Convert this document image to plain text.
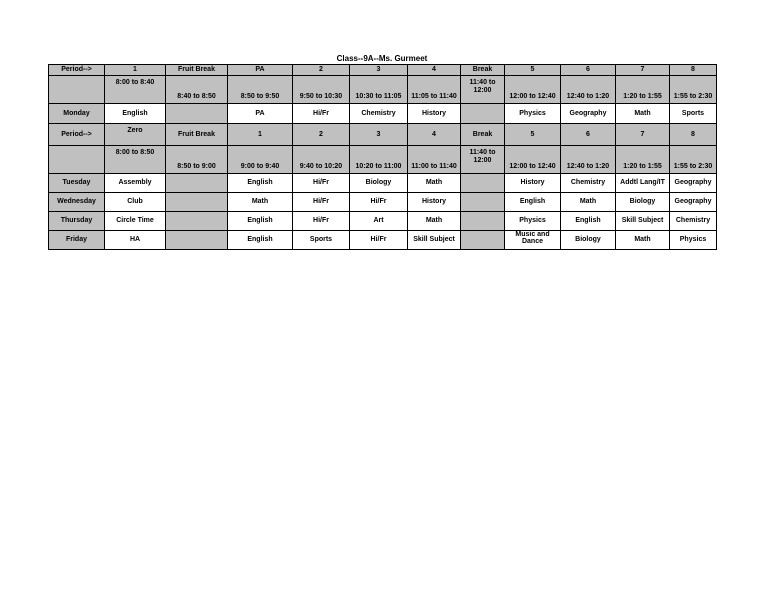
Class--9A--Ms. Gurmeet
Period-->	1	Fruit Break	PA	2	3	4	Break	5	6	7	8
	8:00 to 8:40	8:40 to 8:50	8:50 to 9:50	9:50 to 10:30	10:30 to 11:05	11:05 to 11:40	11:40 to 12:00	12:00 to 12:40	12:40 to 1:20	1:20 to 1:55	1:55 to 2:30
Monday	English		PA	Hi/Fr	Chemistry	History		Physics	Geography	Math	Sports
Period-->	Zero	Fruit Break	1	2	3	4	Break	5	6	7	8
	8:00 to 8:50	8:50 to 9:00	9:00 to 9:40	9:40 to 10:20	10:20 to 11:00	11:00 to 11:40	11:40 to 12:00	12:00 to 12:40	12:40 to 1:20	1:20 to 1:55	1:55 to 2:30
Tuesday	Assembly		English	Hi/Fr	Biology	Math		History	Chemistry	Addtl Lang/IT	Geography
Wednesday	Club		Math	Hi/Fr	Hi/Fr	History		English	Math	Biology	Geography
Thursday	Circle Time		English	Hi/Fr	Art	Math		Physics	English	Skill Subject	Chemistry
Friday	HA		English	Sports	Hi/Fr	Skill Subject		Music and Dance	Biology	Math	Physics
